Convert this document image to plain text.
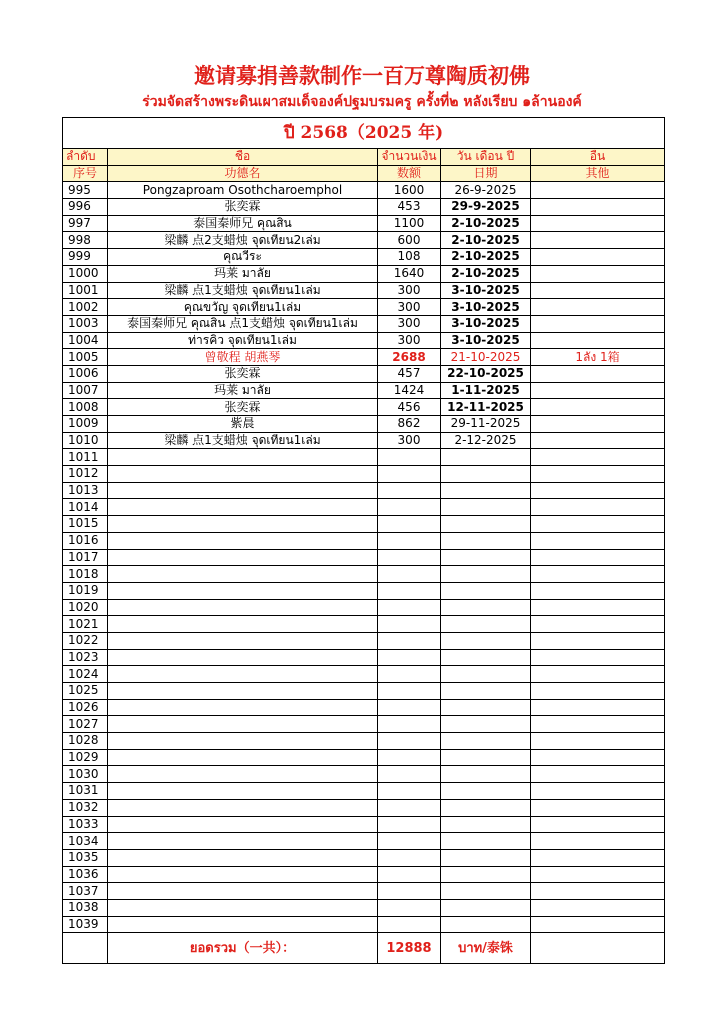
邀请募捐善款制作一百万尊陶质初佛
ร่วมจัดสร้างพระดินเผาสมเด็จองค์ปฐมบรมครู ครั้งที่๒ หลังเรียบ ๑ล้านองค์
ปี 2568（2025 年)				
ลำดับ	ชื่อ	จำนวนเงิน	วัน เดือน ปี	อื่น
序号	功德名	数额	日期	其他
995	Pongzaproam Osothcharoemphol	1600	26-9-2025	
996	张奕霖	453	29-9-2025	
997	泰国秦师兄 คุณสิน	1100	2-10-2025	
998	梁麟 点2支蜡烛 จุดเทียน2เล่ม	600	2-10-2025	
999	คุณวีระ	108	2-10-2025	
1000	玛莱 มาลัย	1640	2-10-2025	
1001	梁麟 点1支蜡烛 จุดเทียน1เล่ม	300	3-10-2025	
1002	คุณขวัญ จุดเทียน1เล่ม	300	3-10-2025	
1003	泰国秦师兄 คุณสิน 点1支蜡烛 จุดเทียน1เล่ม	300	3-10-2025	
1004	ท่ารคิว จุดเทียน1เล่ม	300	3-10-2025	
1005	曾敬程 胡燕琴	2688	21-10-2025	1ลัง 1箱
1006	张奕霖	457	22-10-2025	
1007	玛莱 มาลัย	1424	1-11-2025	
1008	张奕霖	456	12-11-2025	
1009	紫晨	862	29-11-2025	
1010	梁麟 点1支蜡烛 จุดเทียน1เล่ม	300	2-12-2025	
1011				
1012				
1013				
1014				
1015				
1016				
1017				
1018				
1019				
1020				
1021				
1022				
1023				
1024				
1025				
1026				
1027				
1028				
1029				
1030				
1031				
1032				
1033				
1034				
1035				
1036				
1037				
1038				
1039				
	ยอดรวม（一共）：	12888	บาท/泰铢	
